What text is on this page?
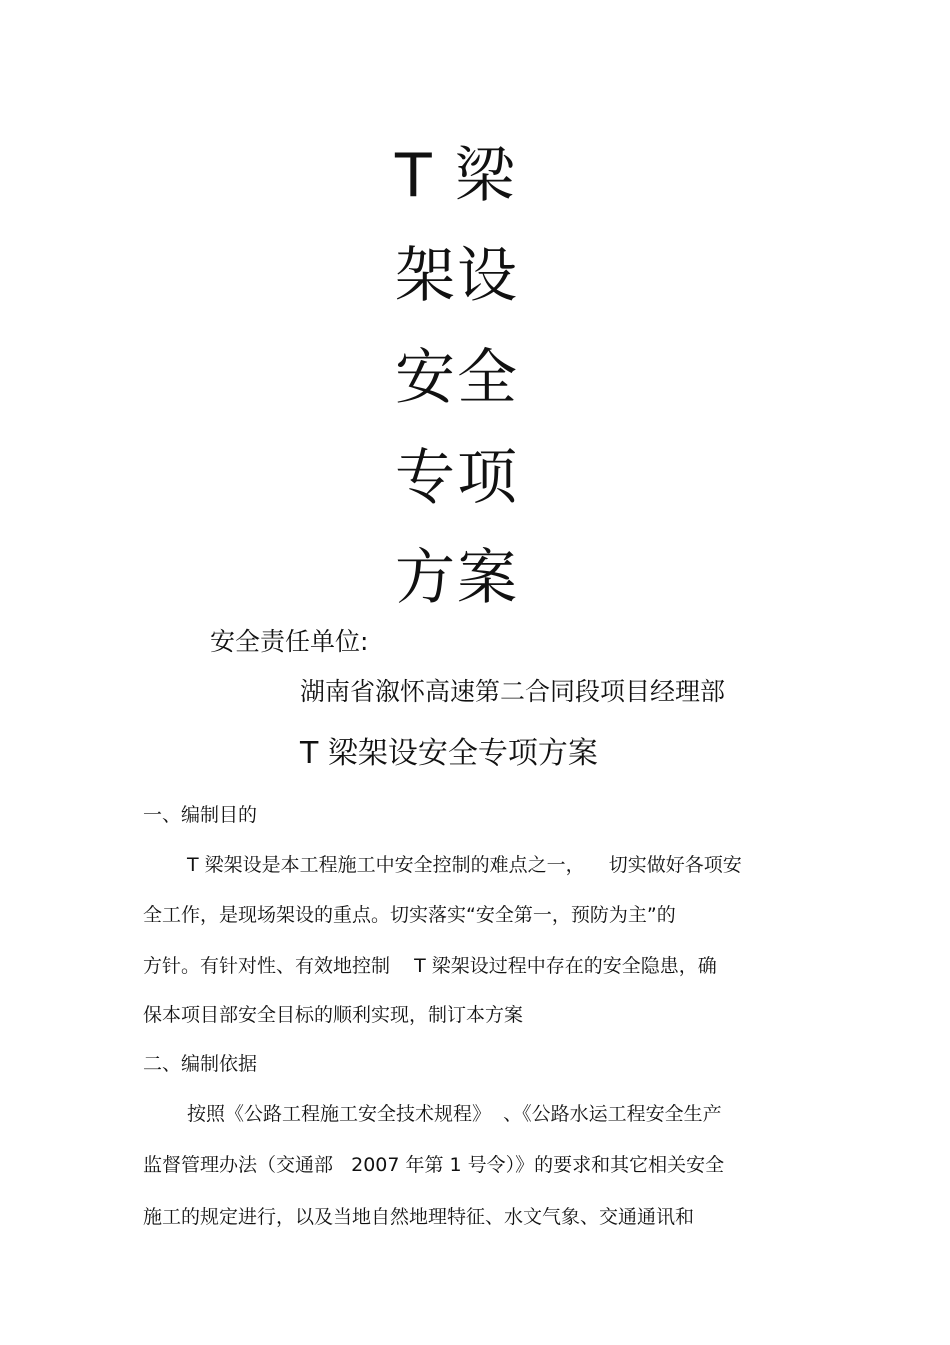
T 梁
架设
安全
专项
方案
安全责任单位:
湖南省溆怀高速第二合同段项目经理部
T 梁架设安全专项方案
一、编制目的
T 梁架设是本工程施工中安全控制的难点之一，    切实做好各项安
全工作，是现场架设的重点。切实落实“安全第一，预防为主”的
方针。有针对性、有效地控制    T 梁架设过程中存在的安全隐患，确
保本项目部安全目标的顺利实现，制订本方案
二、编制依据
按照《公路工程施工安全技术规程》  、《公路水运工程安全生产
监督管理办法（交通部   2007 年第 1 号令）》的要求和其它相关安全
施工的规定进行，以及当地自然地理特征、水文气象、交通通讯和
